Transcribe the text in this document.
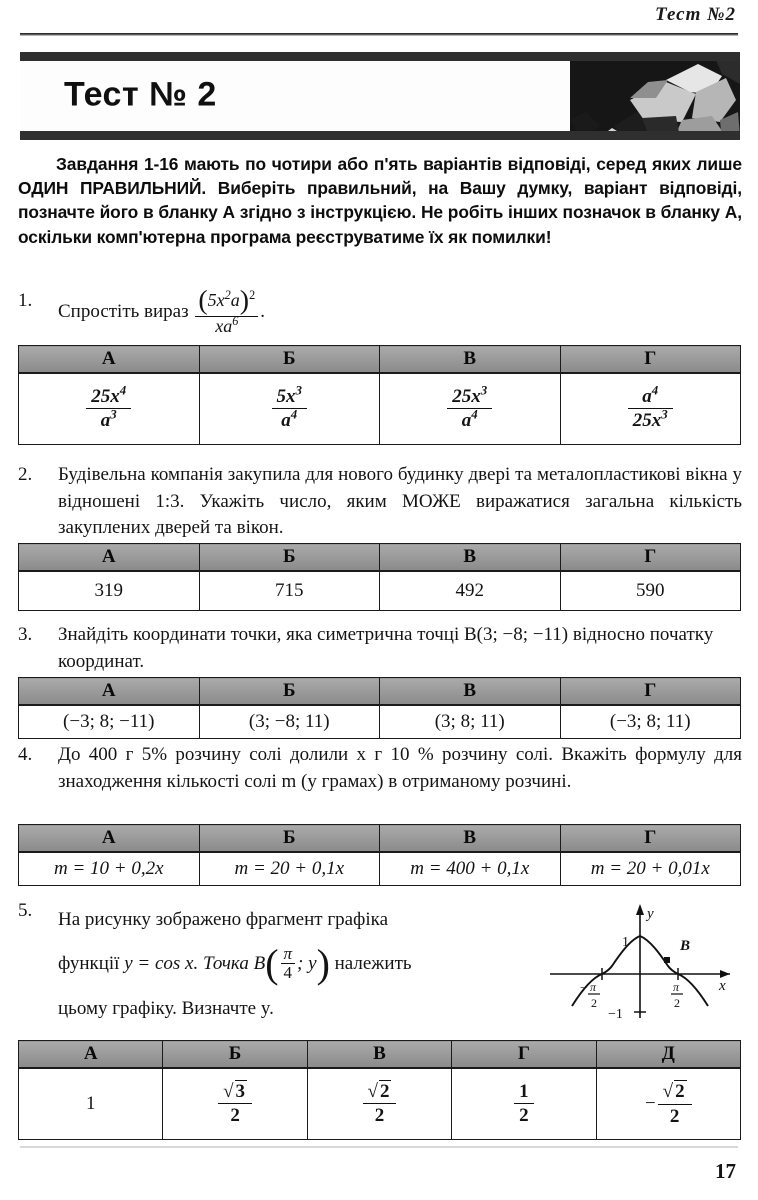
Тест №2
Тест № 2
Завдання 1-16 мають по чотири або п'ять варіантів відповіді, серед яких лише ОДИН ПРАВИЛЬНИЙ. Виберіть правильний, на Вашу думку, варіант відповіді, позначте його в бланку А згідно з інструкцією. Не робіть інших позначок в бланку А, оскільки комп'ютерна програма реєструватиме їх як помилки!
1.
Спростіть вираз $\frac{(5x^2a)^2}{xa^6}$ .
А	Б	В	Г

$\frac{25x^4}{a^3}$	$\frac{5x^3}{a^4}$	$\frac{25x^3}{a^4}$	$\frac{a^4}{25x^3}$
2.	Будівельна компанія закупила для нового будинку двері та металопластикові вікна у відношені 1:3. Укажіть число, яким МОЖЕ виражатися загальна кількість закуплених дверей та вікон.
А	Б	В	Г
319	715	492	590
3.	Знайдіть координати точки, яка симетрична точці B(3; −8; −11) відносно початку координат.
А	Б	В	Г
(−3; 8; −11)	(3; −8; 11)	(3; 8; 11)	(−3; 8; 11)
4.	До 400 г 5% розчину солі долили x г 10 % розчину солі. Вкажіть формулу для знаходження кількості солі m (у грамах) в отриманому розчині.
А	Б	В	Г
m = 10 + 0,2x	m = 20 + 0,1x	m = 400 + 0,1x	m = 20 + 0,01x
5.	На рисунку зображено фрагмент графіка
функції y = cos x. Точка $B( \frac{\pi}{4}$ ; y) належить
цьому графіку. Визначте y.
B
y
x
1
−1
− π
2
π
2
А	Б	В	Г	Д
1	$\frac{√ 3}{2}$	$\frac{√ 2}{2}$	$\frac{1}{2}$	− $\frac{√ 2}{2}$
17
